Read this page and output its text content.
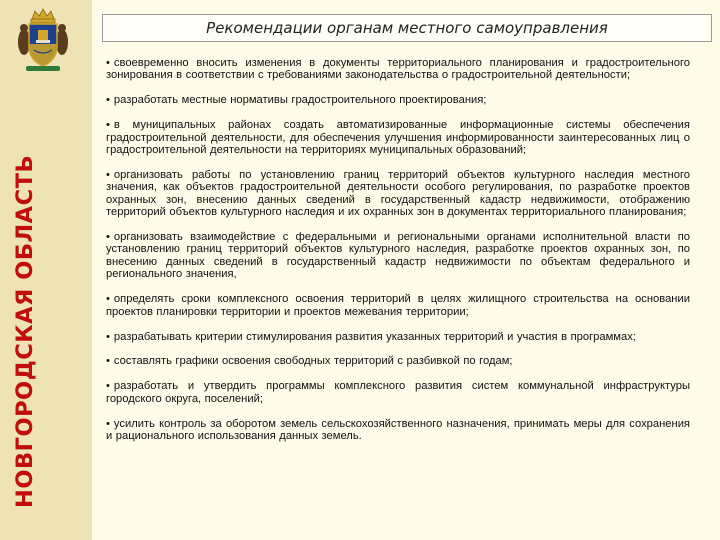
НОВГОРОДСКАЯ ОБЛАСТЬ
Рекомендации органам местного самоуправления

• своевременно вносить изменения в документы территориального планирования и градостроительного зонирования в соответствии с требованиями законодательства о градостроительной деятельности;

• разработать местные нормативы градостроительного проектирования;

• в муниципальных районах создать автоматизированные информационные системы обеспечения градостроительной деятельности, для обеспечения улучшения информированности заинтересованных лиц о градостроительной деятельности на территориях муниципальных образований;

• организовать работы по установлению границ территорий объектов культурного наследия местного значения, как объектов градостроительной деятельности особого регулирования, по разработке проектов охранных зон, внесению данных сведений в государственный кадастр недвижимости, отображению территорий объектов культурного наследия и их охранных зон в документах территориального планирования;

• организовать взаимодействие с федеральными и региональными органами исполнительной власти по установлению границ территорий объектов культурного наследия, разработке проектов охранных зон, по внесению данных сведений в государственный кадастр недвижимости по объектам федерального и регионального значения,

• определять сроки комплексного освоения территорий в целях жилищного строительства на основании проектов планировки территории и проектов межевания территории;

• разрабатывать критерии стимулирования развития указанных территорий и участия в программах;

• составлять графики освоения свободных территорий с разбивкой по годам;

• разработать и утвердить программы комплексного развития систем коммунальной инфраструктуры городского округа, поселений;

• усилить контроль за оборотом земель сельскохозяйственного назначения, принимать меры для сохранения и рационального использования данных земель.
